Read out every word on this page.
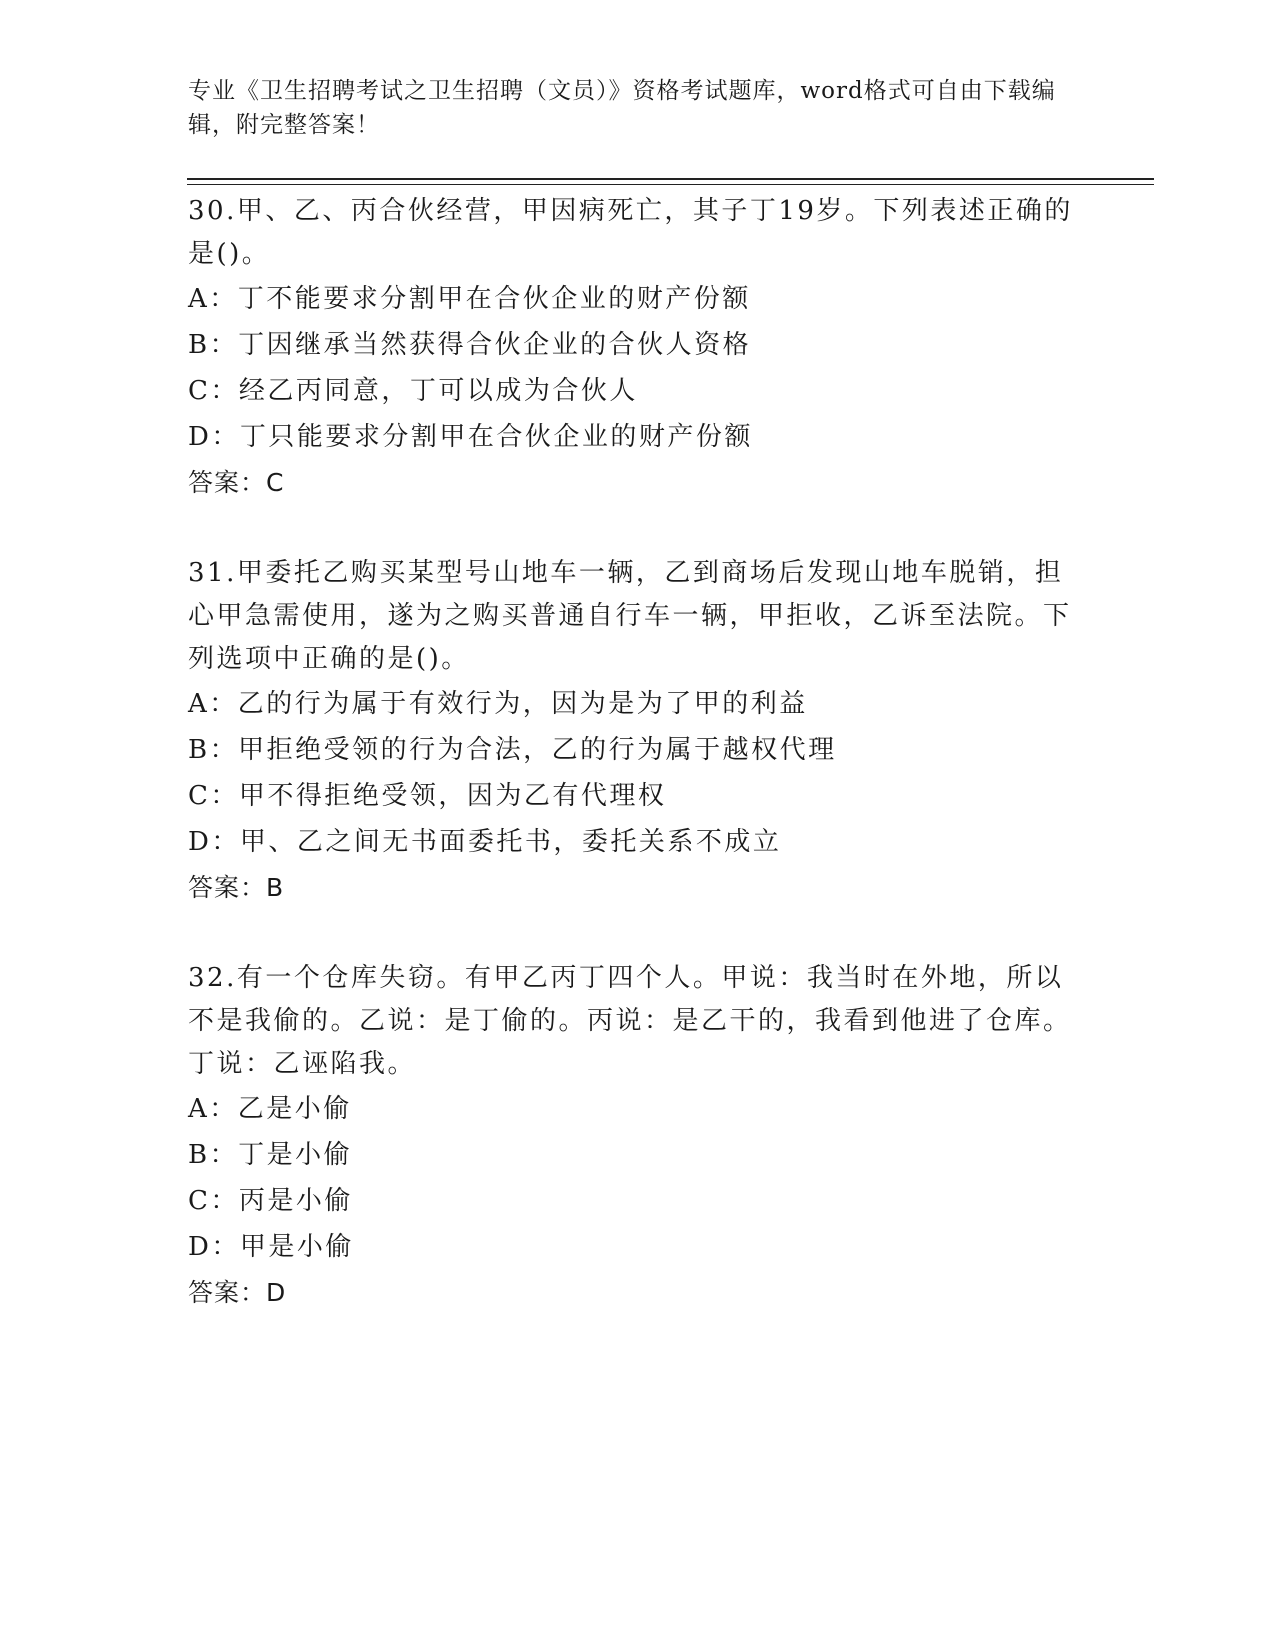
专业《卫生招聘考试之卫生招聘（文员）》资格考试题库，word格式可自由下载编辑，附完整答案！

30.甲、乙、丙合伙经营，甲因病死亡，其子丁19岁。下列表述正确的是()。

A：丁不能要求分割甲在合伙企业的财产份额

B：丁因继承当然获得合伙企业的合伙人资格

C：经乙丙同意，丁可以成为合伙人

D：丁只能要求分割甲在合伙企业的财产份额

答案：C

31.甲委托乙购买某型号山地车一辆，乙到商场后发现山地车脱销，担心甲急需使用，遂为之购买普通自行车一辆，甲拒收，乙诉至法院。下列选项中正确的是()。

A：乙的行为属于有效行为，因为是为了甲的利益

B：甲拒绝受领的行为合法，乙的行为属于越权代理

C：甲不得拒绝受领，因为乙有代理权

D：甲、乙之间无书面委托书，委托关系不成立

答案：B

32.有一个仓库失窃。有甲乙丙丁四个人。甲说：我当时在外地，所以不是我偷的。乙说：是丁偷的。丙说：是乙干的，我看到他进了仓库。丁说：乙诬陷我。

A：乙是小偷

B：丁是小偷

C：丙是小偷

D：甲是小偷

答案：D
